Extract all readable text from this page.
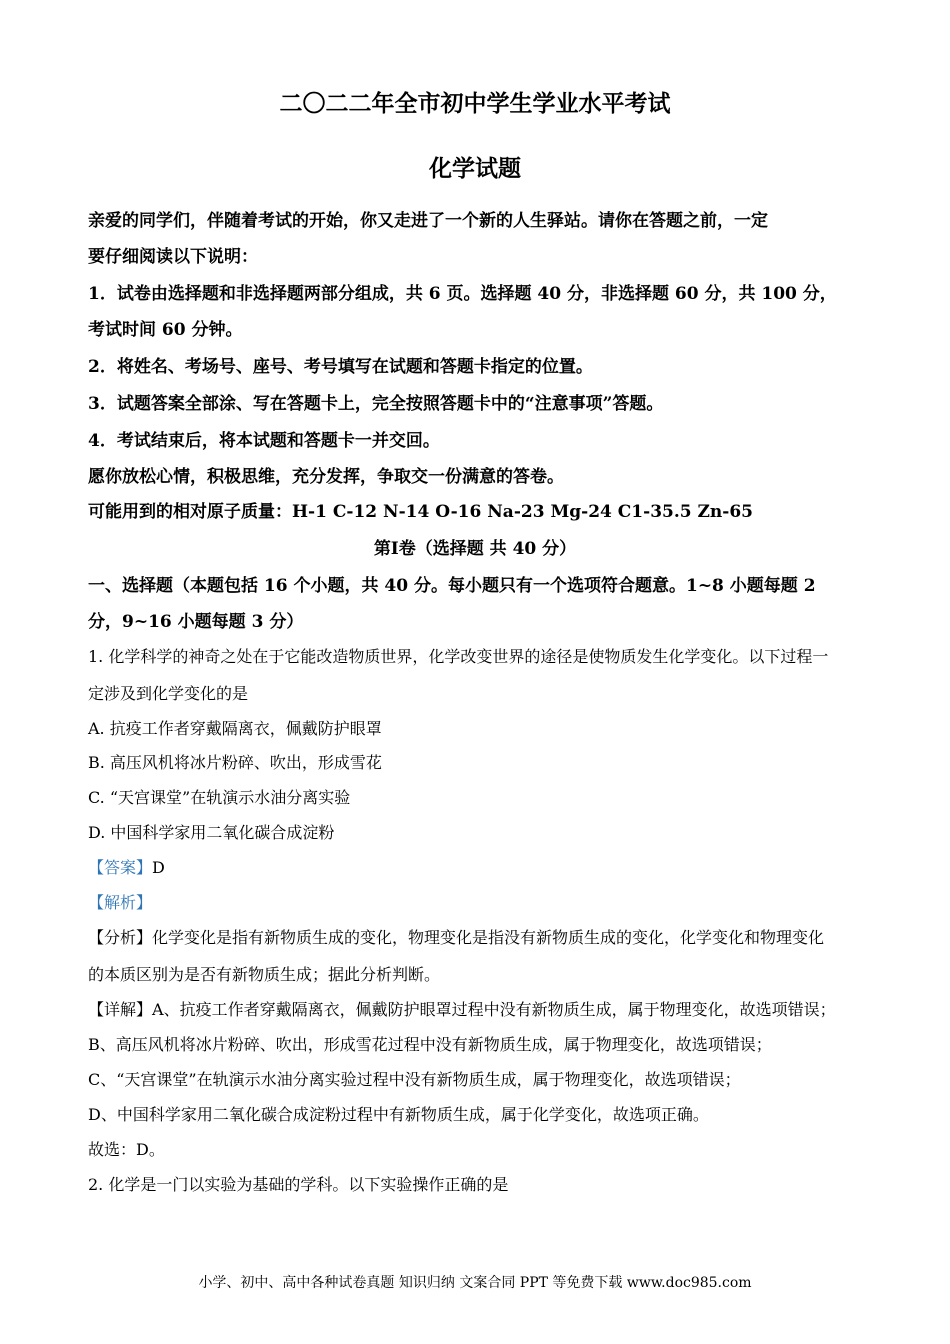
二〇二二年全市初中学生学业水平考试
化学试题
亲爱的同学们，伴随着考试的开始，你又走进了一个新的人生驿站。请你在答题之前，一定
要仔细阅读以下说明：
1．试卷由选择题和非选择题两部分组成，共 6 页。选择题 40 分，非选择题 60 分，共 100 分，
考试时间 60 分钟。
2．将姓名、考场号、座号、考号填写在试题和答题卡指定的位置。
3．试题答案全部涂、写在答题卡上，完全按照答题卡中的“注意事项”答题。
4．考试结束后，将本试题和答题卡一并交回。
愿你放松心情，积极思维，充分发挥，争取交一份满意的答卷。
可能用到的相对原子质量：H-1 C-12 N-14 O-16 Na-23 Mg-24 C1-35.5 Zn-65
第Ⅰ卷（选择题 共 40 分）
一、选择题（本题包括 16 个小题，共 40 分。每小题只有一个选项符合题意。1~8 小题每题 2
分，9~16 小题每题 3 分）
1. 化学科学的神奇之处在于它能改造物质世界，化学改变世界的途径是使物质发生化学变化。以下过程一
定涉及到化学变化的是
A. 抗疫工作者穿戴隔离衣，佩戴防护眼罩
B. 高压风机将冰片粉碎、吹出，形成雪花
C. “天宫课堂”在轨演示水油分离实验
D. 中国科学家用二氧化碳合成淀粉
【答案】D
【解析】
【分析】化学变化是指有新物质生成的变化，物理变化是指没有新物质生成的变化，化学变化和物理变化
的本质区别为是否有新物质生成；据此分析判断。
【详解】A、抗疫工作者穿戴隔离衣，佩戴防护眼罩过程中没有新物质生成，属于物理变化，故选项错误；
B、高压风机将冰片粉碎、吹出，形成雪花过程中没有新物质生成，属于物理变化，故选项错误；
C、“天宫课堂”在轨演示水油分离实验过程中没有新物质生成，属于物理变化，故选项错误；
D、中国科学家用二氧化碳合成淀粉过程中有新物质生成，属于化学变化，故选项正确。
故选：D。
2. 化学是一门以实验为基础的学科。以下实验操作正确的是
小学、初中、高中各种试卷真题 知识归纳 文案合同 PPT 等免费下载 www.doc985.com
